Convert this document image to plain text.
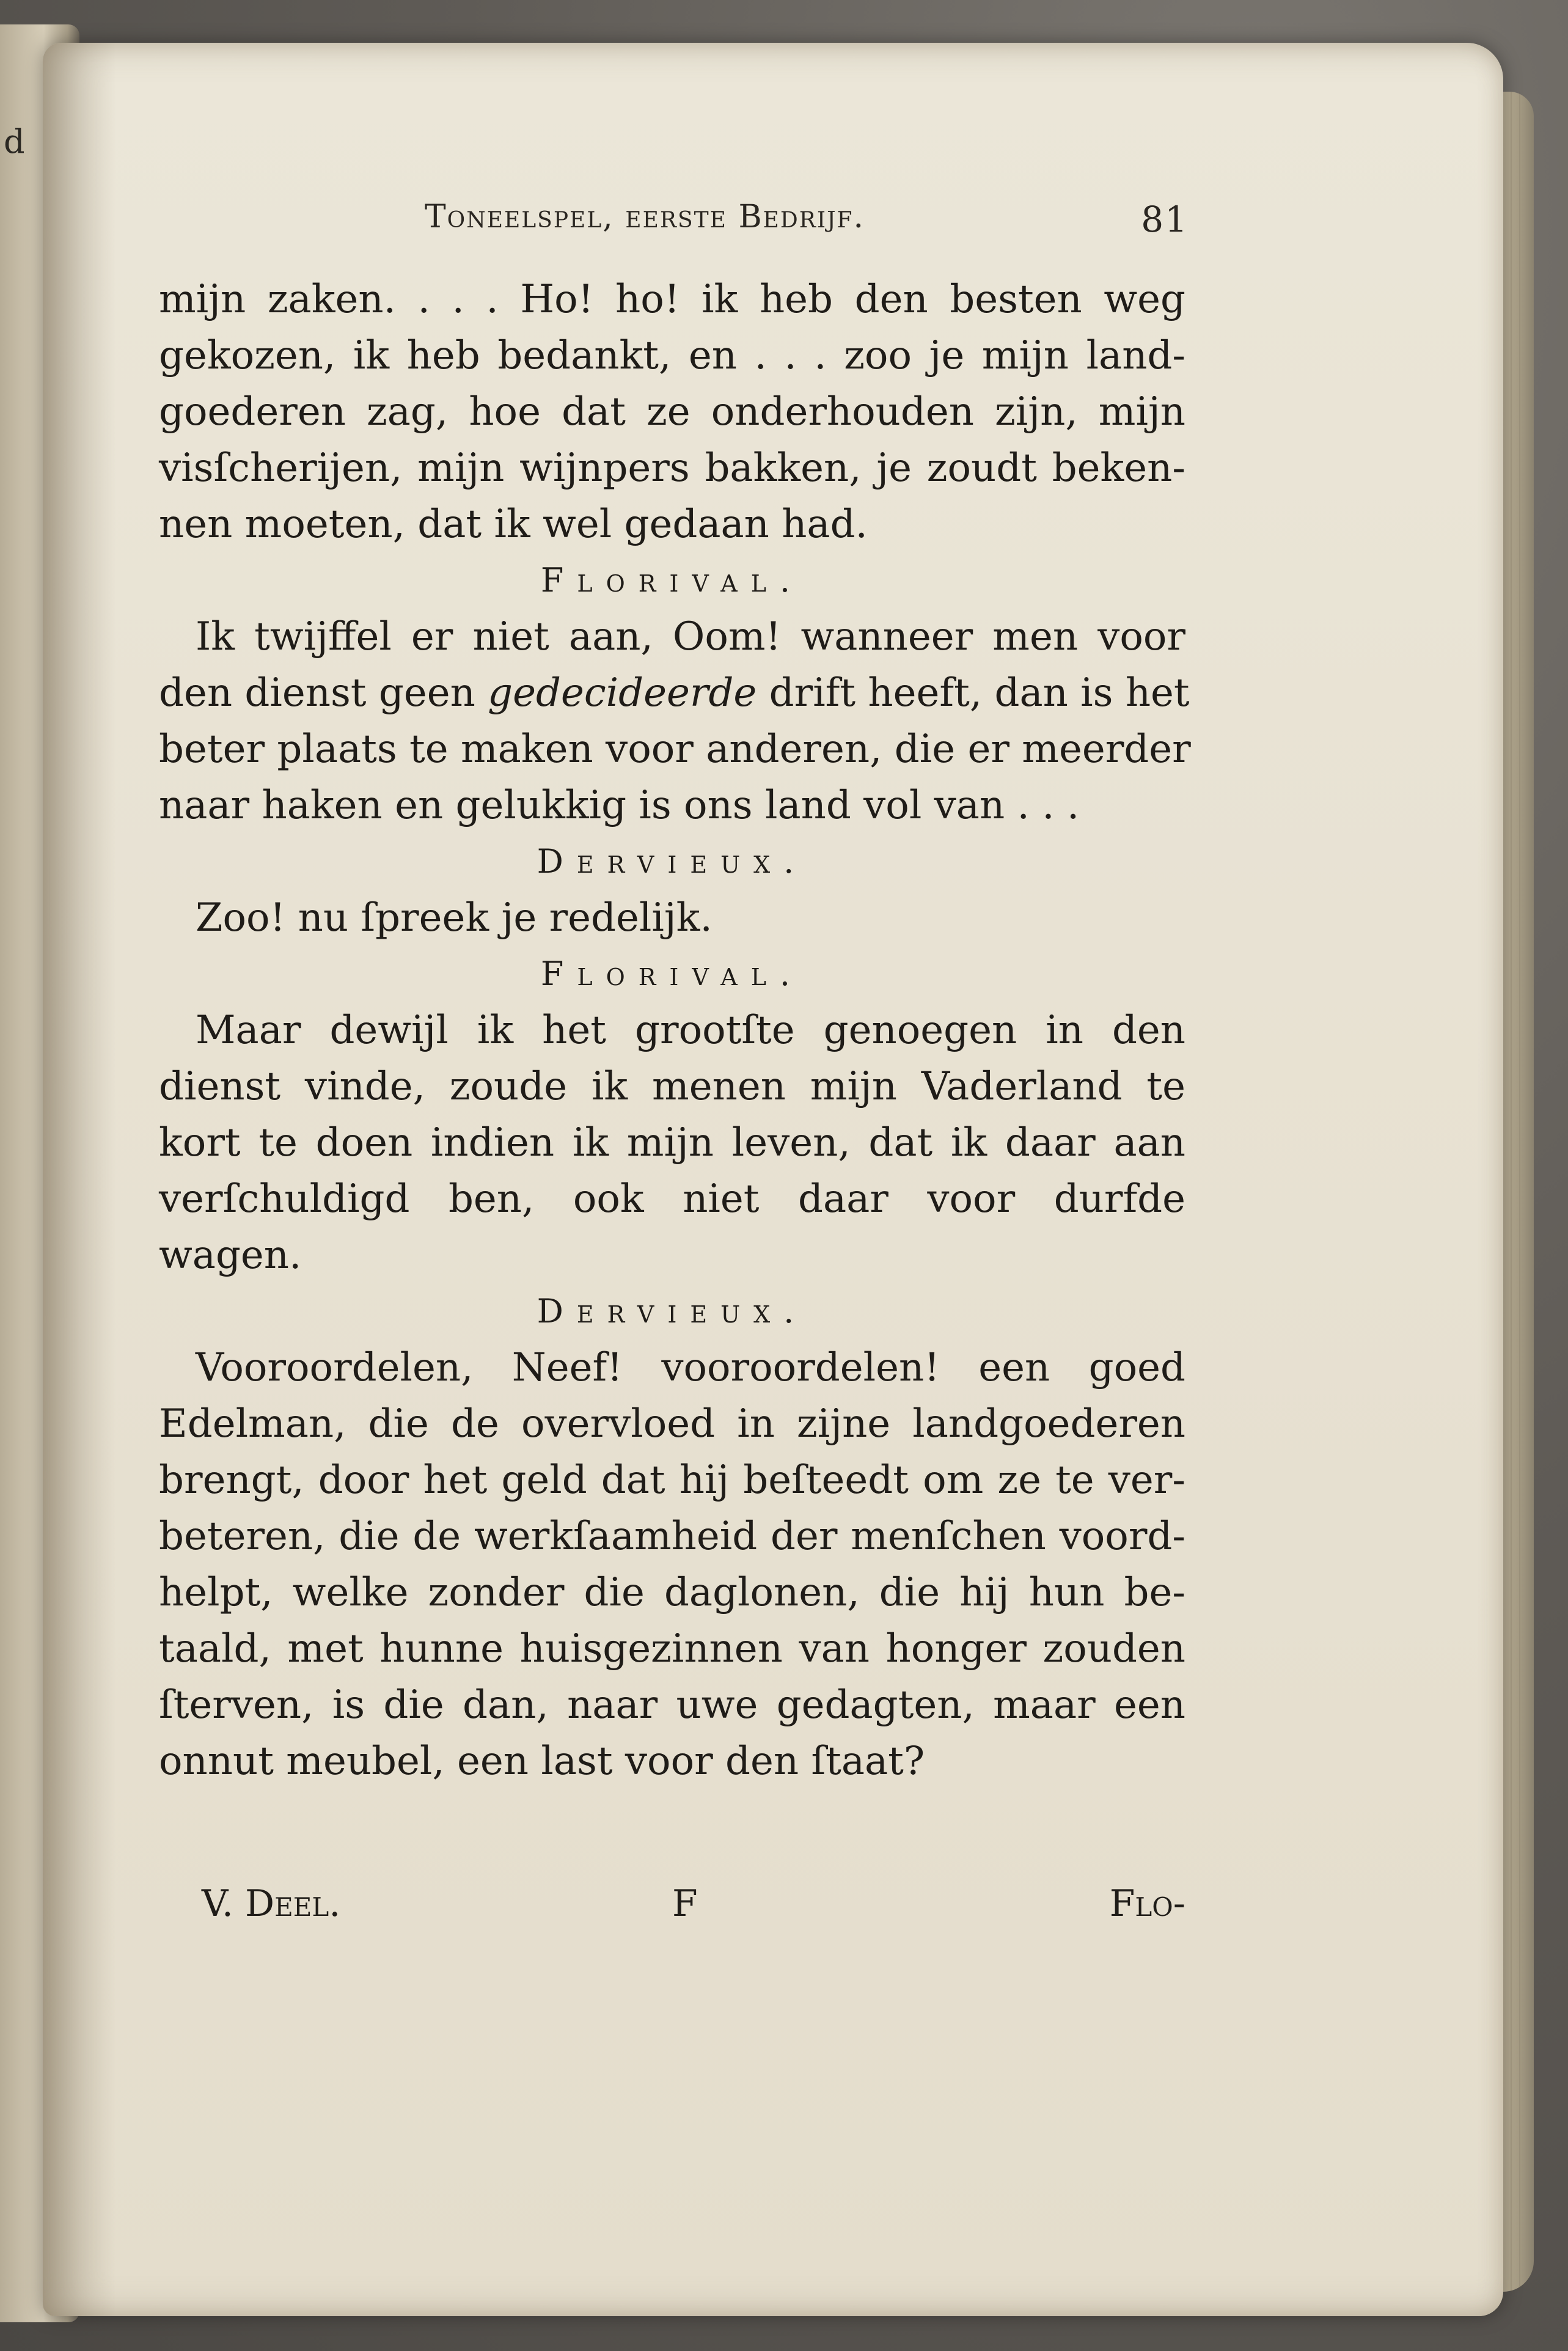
d
Toneelspel, eerste Bedrijf.	81
mijn zaken. . . . Ho! ho! ik heb den besten weg
gekozen, ik heb bedankt, en . . . zoo je mijn land-
goederen zag, hoe dat ze onderhouden zijn, mijn
visſcherijen, mijn wijnpers bakken, je zoudt beken-
nen moeten, dat ik wel gedaan had.
Florival.
Ik twijffel er niet aan, Oom! wanneer men voor
den dienst geen gedecideerde drift heeft, dan is het
beter plaats te maken voor anderen, die er meerder
naar haken en gelukkig is ons land vol van . . .
Dervieux.
Zoo! nu ſpreek je redelijk.
Florival.
Maar dewijl ik het grootſte genoegen in den
dienst vinde, zoude ik menen mijn Vaderland te
kort te doen indien ik mijn leven, dat ik daar aan
verſchuldigd ben, ook niet daar voor durfde
wagen.
Dervieux.
Vooroordelen, Neef! vooroordelen! een goed
Edelman, die de overvloed in zijne landgoederen
brengt, door het geld dat hij beſteedt om ze te ver-
beteren, die de werkſaamheid der menſchen voord-
helpt, welke zonder die daglonen, die hij hun be-
taald, met hunne huisgezinnen van honger zouden
ſterven, is die dan, naar uwe gedagten, maar een
onnut meubel, een last voor den ſtaat?
V. Deel.	F	Flo-
